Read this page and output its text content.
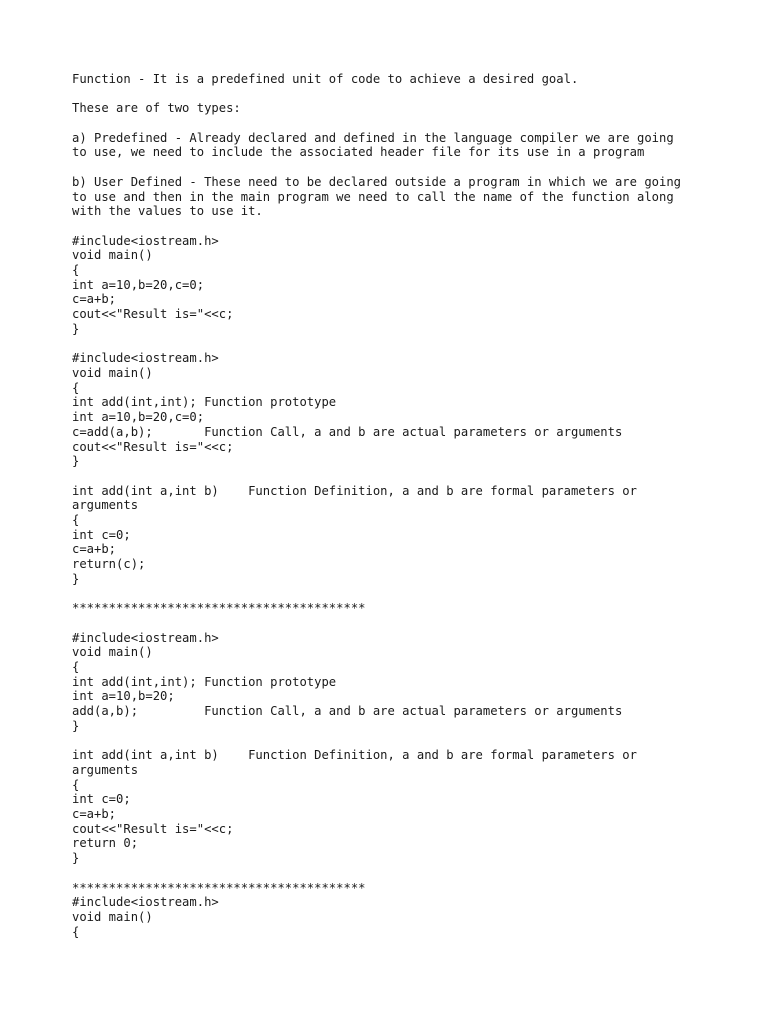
Function - It is a predefined unit of code to achieve a desired goal.
These are of two types:
a) Predefined - Already declared and defined in the language compiler we are going
to use, we need to include the associated header file for its use in a program
b) User Defined - These need to be declared outside a program in which we are going
to use and then in the main program we need to call the name of the function along
with the values to use it.
#include<iostream.h>
void main()
{
int a=10,b=20,c=0;
c=a+b;
cout<<"Result is="<<c;
}
#include<iostream.h>
void main()
{
int add(int,int); Function prototype
int a=10,b=20,c=0;
c=add(a,b);       Function Call, a and b are actual parameters or arguments
cout<<"Result is="<<c;
}
int add(int a,int b)    Function Definition, a and b are formal parameters or
arguments
{
int c=0;
c=a+b;
return(c);
}
****************************************
#include<iostream.h>
void main()
{
int add(int,int); Function prototype
int a=10,b=20;
add(a,b);         Function Call, a and b are actual parameters or arguments
}
int add(int a,int b)    Function Definition, a and b are formal parameters or
arguments
{
int c=0;
c=a+b;
cout<<"Result is="<<c;
return 0;
}
****************************************
#include<iostream.h>
void main()
{
